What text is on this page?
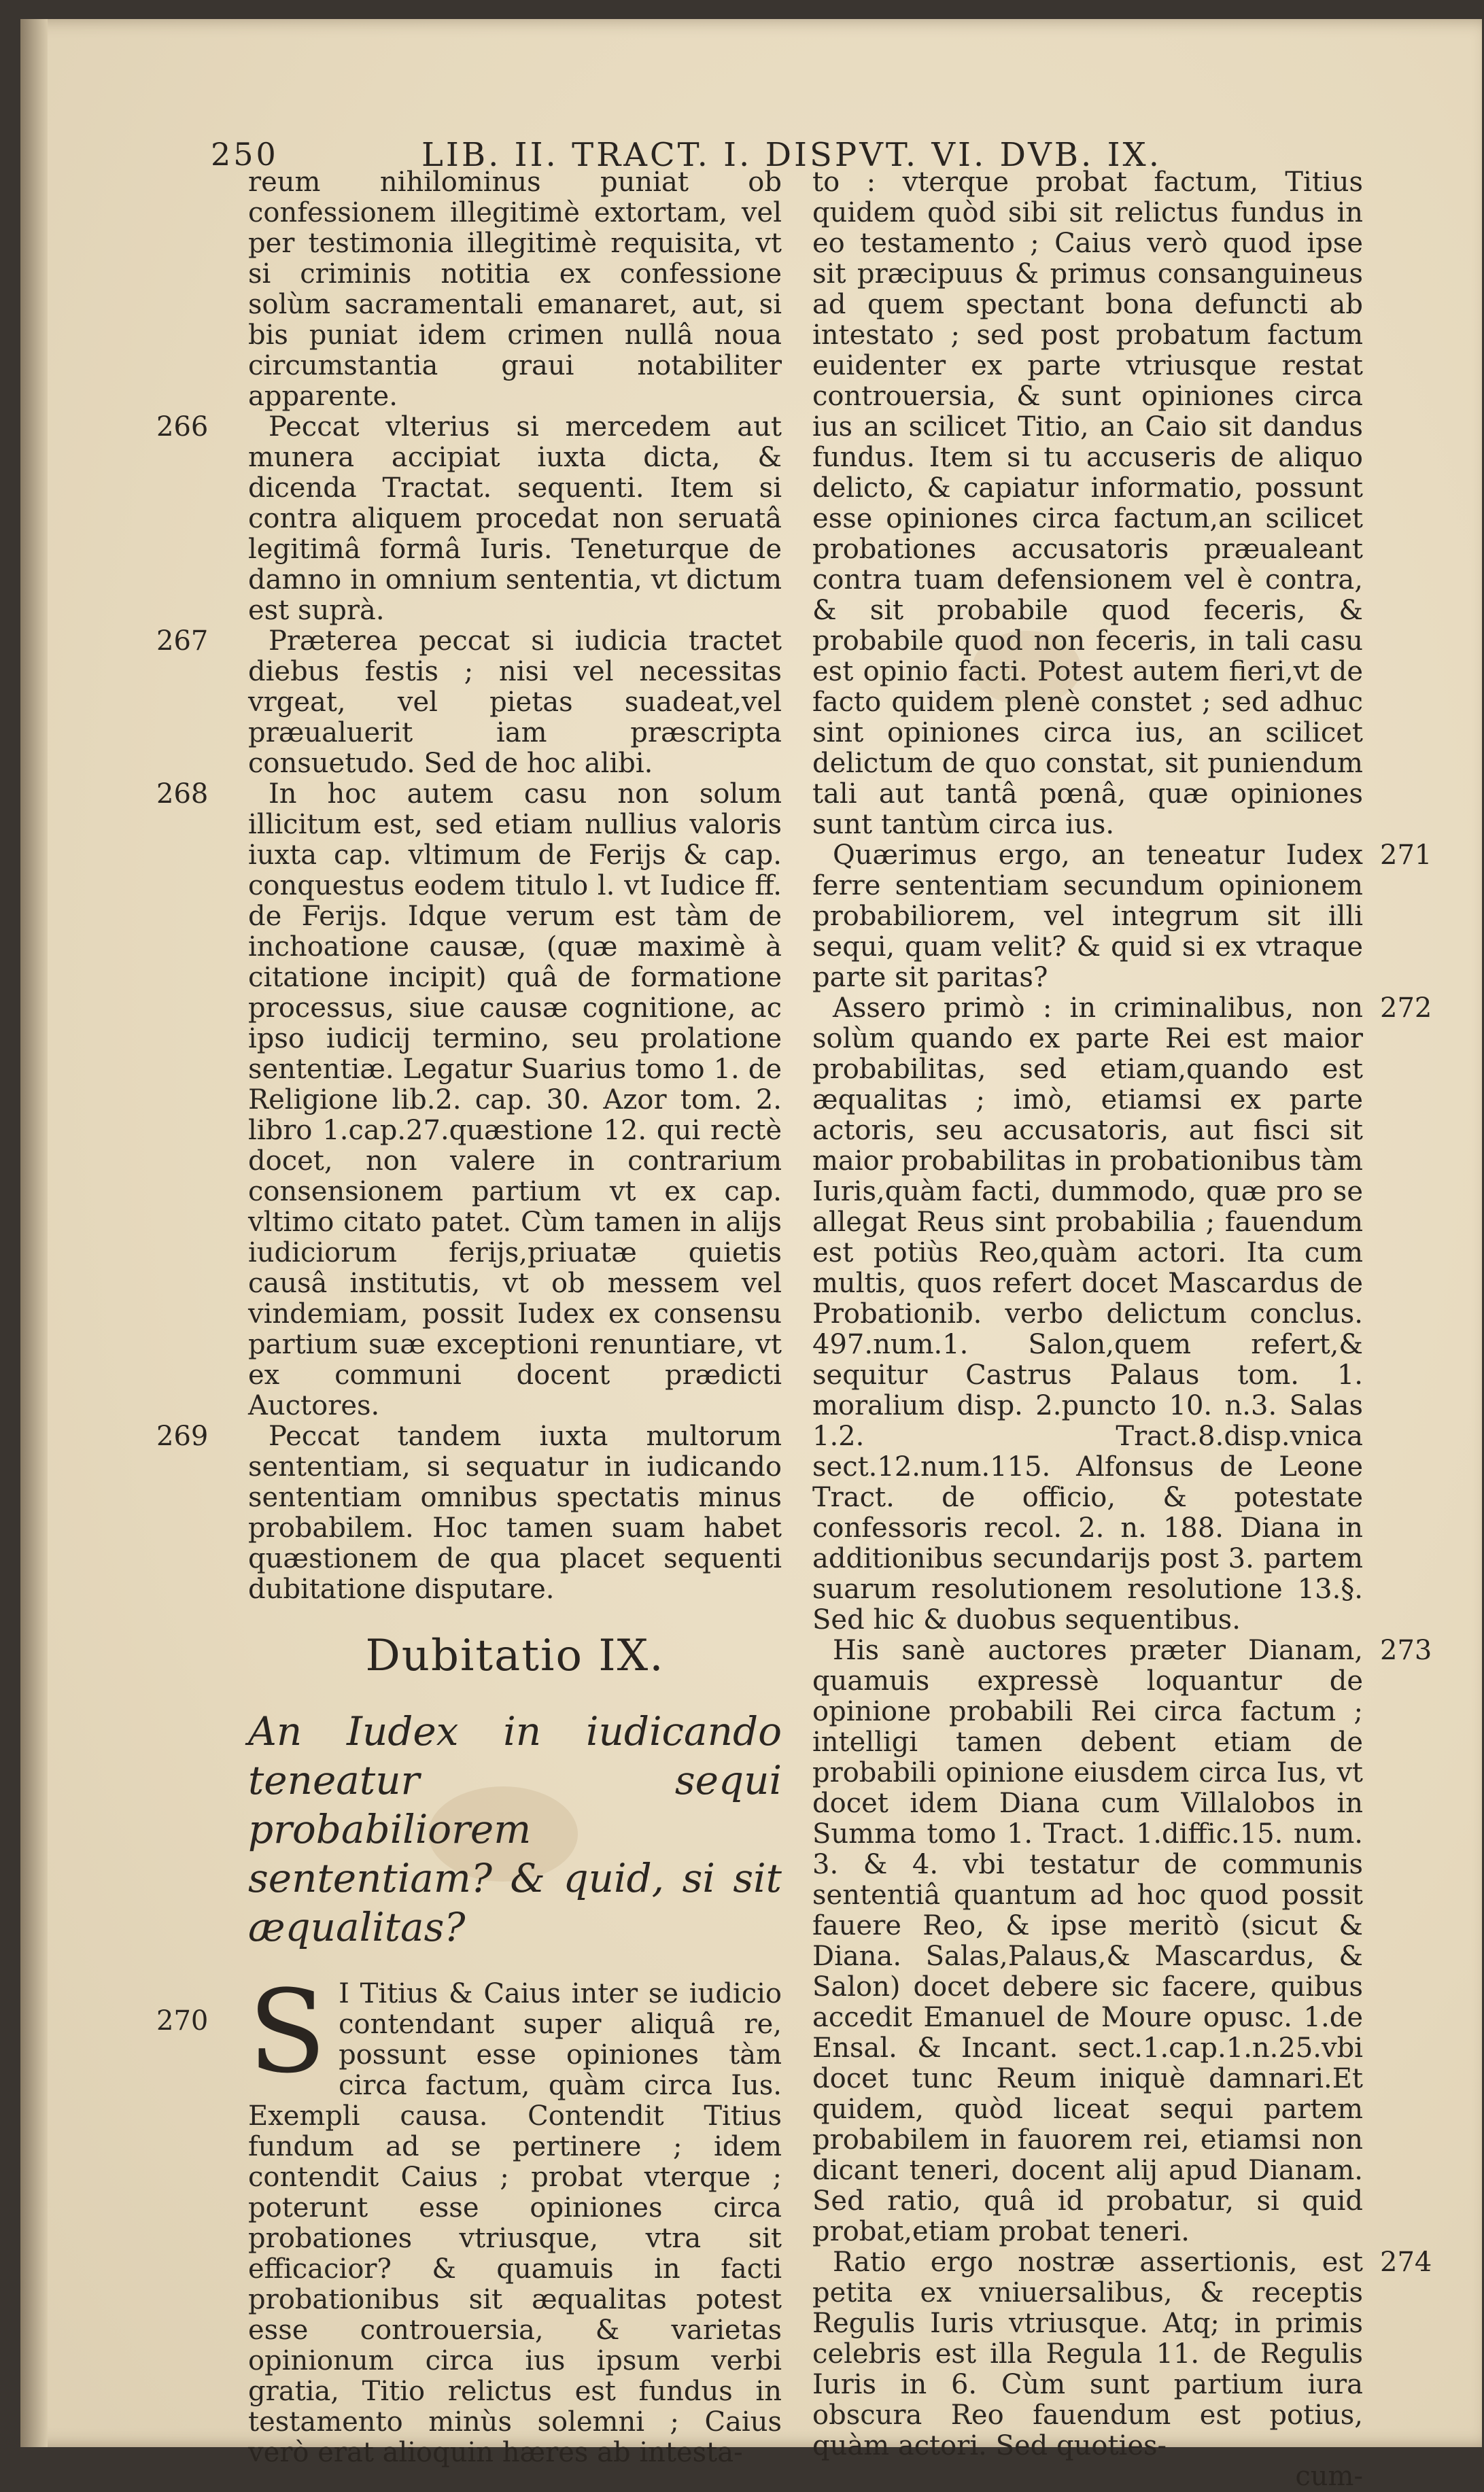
250	LIB. II. TRACT. I. DISPVT. VI. DVB. IX.

reum nihilominus puniat ob confessionem illegitimè extortam, vel per testimonia illegitimè requisita, vt si criminis notitia ex confessione solùm sacramentali emanaret, aut, si bis puniat idem crimen nullâ noua circumstantia graui notabiliter apparente.

266	Peccat vlterius si mercedem aut munera accipiat iuxta dicta, & dicenda Tractat. sequenti. Item si contra aliquem procedat non seruatâ legitimâ formâ Iuris. Teneturque de damno in omnium sententia, vt dictum est suprà.

267	Præterea peccat si iudicia tractet diebus festis ; nisi vel necessitas vrgeat, vel pietas suadeat,vel præualuerit iam præscripta consuetudo. Sed de hoc alibi.

268	In hoc autem casu non solum illicitum est, sed etiam nullius valoris iuxta cap. vltimum de Ferijs & cap. conquestus eodem titulo l. vt Iudice ff. de Ferijs. Idque verum est tàm de inchoatione causæ, (quæ maximè à citatione incipit) quâ de formatione processus, siue causæ cognitione, ac ipso iudicij termino, seu prolatione sententiæ. Legatur Suarius tomo 1. de Religione lib.2. cap. 30. Azor tom. 2. libro 1.cap.27.quæstione 12. qui rectè docet, non valere in contrarium consensionem partium vt ex cap. vltimo citato patet. Cùm tamen in alijs iudiciorum ferijs,priuatæ quietis causâ institutis, vt ob messem vel vindemiam, possit Iudex ex consensu partium suæ exceptioni renuntiare, vt ex communi docent prædicti Auctores.

269	Peccat tandem iuxta multorum sententiam, si sequatur in iudicando sententiam omnibus spectatis minus probabilem. Hoc tamen suam habet quæstionem de qua placet sequenti dubitatione disputare.

Dubitatio IX.

An Iudex in iudicando teneatur sequi probabiliorem sententiam? & quid, si sit æqualitas?

270 S I Titius & Caius inter se iudicio contendant super aliquâ re, possunt esse opiniones tàm circa factum, quàm circa Ius. Exempli causa. Contendit Titius fundum ad se pertinere ; idem contendit Caius ; probat vterque ; poterunt esse opiniones circa probationes vtriusque, vtra sit efficacior? & quamuis in facti probationibus sit æqualitas potest esse controuersia, & varietas opinionum circa ius ipsum verbi gratia, Titio relictus est fundus in testamento minùs solemni ; Caius verò erat alioquin hæres ab intesta-

to : vterque probat factum, Titius quidem quòd sibi sit relictus fundus in eo testamento ; Caius verò quod ipse sit præcipuus & primus consanguineus ad quem spectant bona defuncti ab intestato ; sed post probatum factum euidenter ex parte vtriusque restat controuersia, & sunt opiniones circa ius an scilicet Titio, an Caio sit dandus fundus. Item si tu accuseris de aliquo delicto, & capiatur informatio, possunt esse opiniones circa factum,an scilicet probationes accusatoris præualeant contra tuam defensionem vel è contra, & sit probabile quod feceris, & probabile quod non feceris, in tali casu est opinio facti. Potest autem fieri,vt de facto quidem plenè constet ; sed adhuc sint opiniones circa ius, an scilicet delictum de quo constat, sit puniendum tali aut tantâ pœnâ, quæ opiniones sunt tantùm circa ius.

271

Quærimus ergo, an teneatur Iudex ferre sententiam secundum opinionem probabiliorem, vel integrum sit illi sequi, quam velit? & quid si ex vtraque parte sit paritas?

272

Assero primò : in criminalibus, non solùm quando ex parte Rei est maior probabilitas, sed etiam,quando est æqualitas ; imò, etiamsi ex parte actoris, seu accusatoris, aut fisci sit maior probabilitas in probationibus tàm Iuris,quàm facti, dummodo, quæ pro se allegat Reus sint probabilia ; fauendum est potiùs Reo,quàm actori. Ita cum multis, quos refert docet Mascardus de Probationib. verbo delictum conclus. 497.num.1. Salon,quem refert,& sequitur Castrus Palaus tom. 1. moralium disp. 2.puncto 10. n.3. Salas 1.2. Tract.8.disp.vnica sect.12.num.115. Alfonsus de Leone Tract. de officio, & potestate confessoris recol. 2. n. 188. Diana in additionibus secundarijs post 3. partem suarum resolutionem resolutione 13.§. Sed hic & duobus sequentibus.

273

His sanè auctores præter Dianam, quamuis expressè loquantur de opinione probabili Rei circa factum ; intelligi tamen debent etiam de probabili opinione eiusdem circa Ius, vt docet idem Diana cum Villalobos in Summa tomo 1. Tract. 1.diffic.15. num. 3. & 4. vbi testatur de communis sententiâ quantum ad hoc quod possit fauere Reo, & ipse meritò (sicut & Diana. Salas,Palaus,& Mascardus, & Salon) docet debere sic facere, quibus accedit Emanuel de Moure opusc. 1.de Ensal. & Incant. sect.1.cap.1.n.25.vbi docet tunc Reum iniquè damnari.Et quidem, quòd liceat sequi partem probabilem in fauorem rei, etiamsi non dicant teneri, docent alij apud Dianam. Sed ratio, quâ id probatur, si quid probat,etiam probat teneri.

274

Ratio ergo nostræ assertionis, est petita ex vniuersalibus, & receptis Regulis Iuris vtriusque. Atq; in primis celebris est illa Regula 11. de Regulis Iuris in 6. Cùm sunt partium iura obscura Reo fauendum est potius, quàm actori. Sed quoties-

cum-
